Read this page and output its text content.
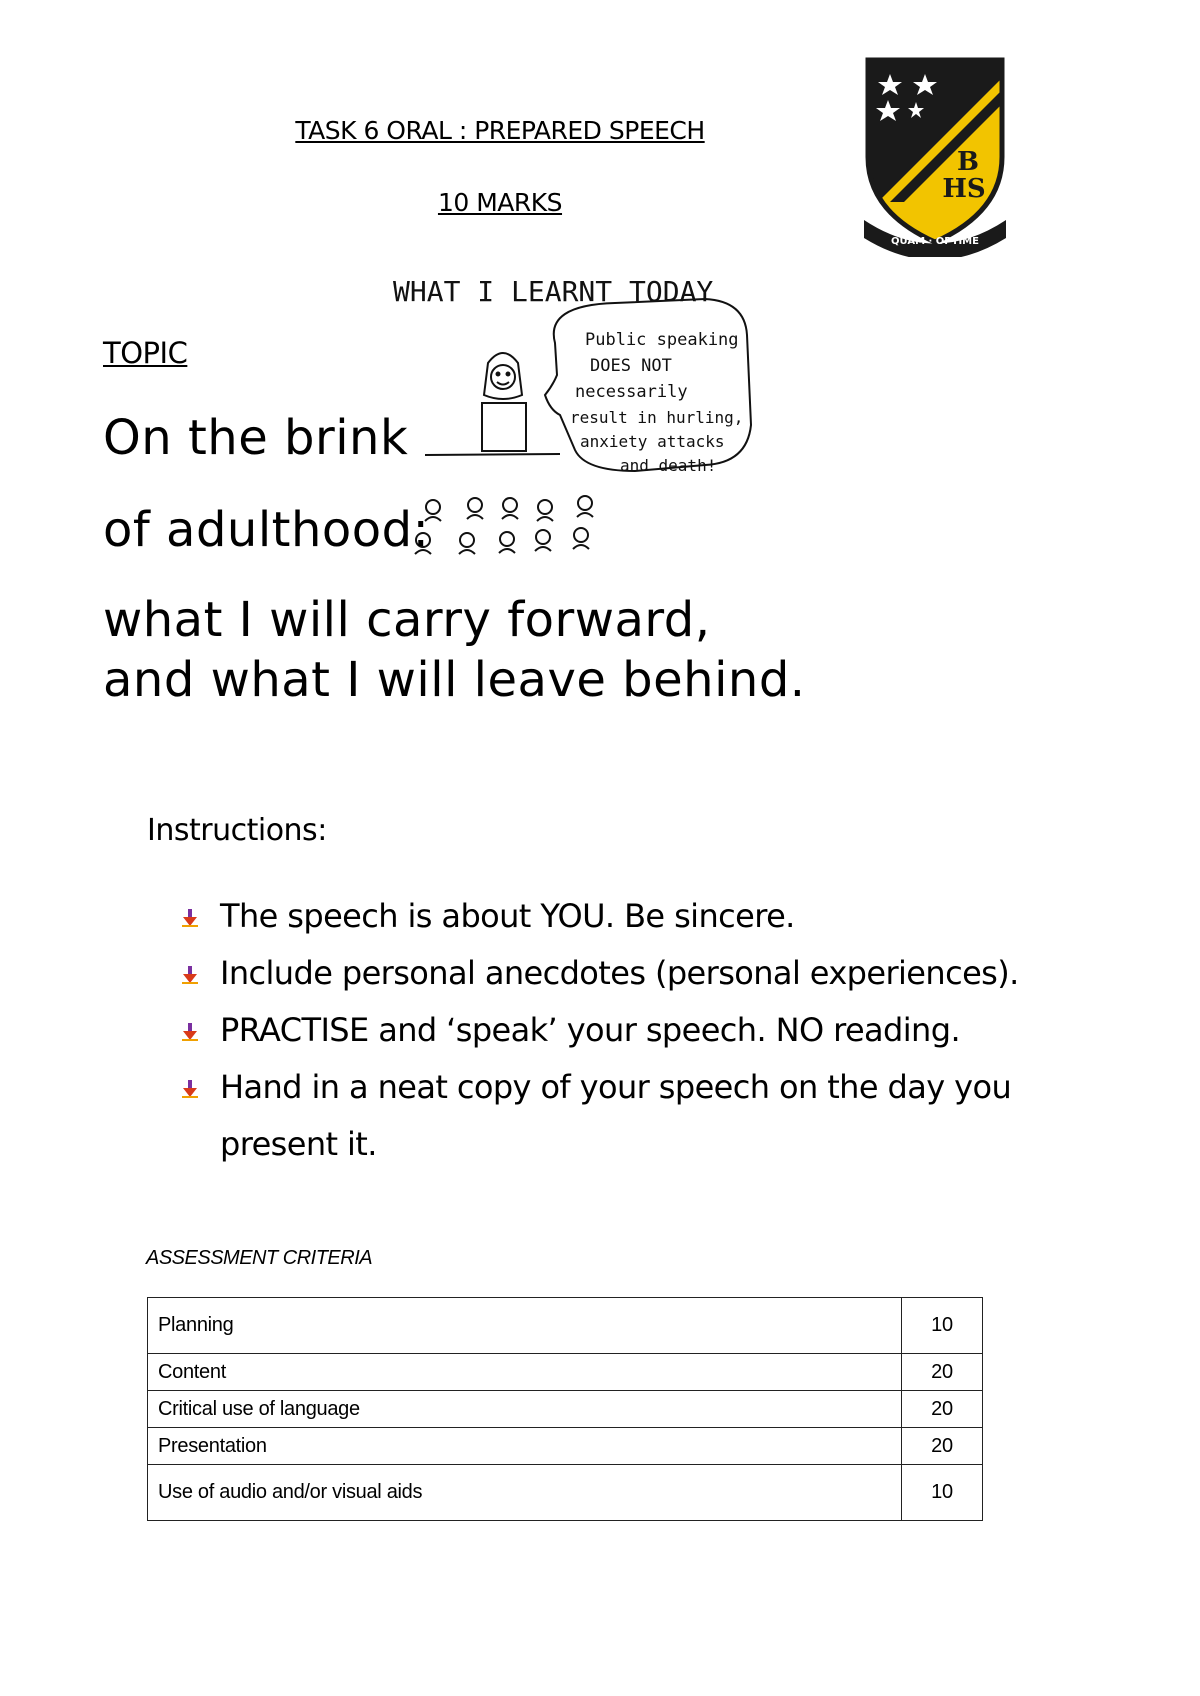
TASK 6 ORAL : PREPARED SPEECH
10 MARKS
B
HS
QUAM · OPTIME
WHAT I LEARNT TODAY
Public speaking
DOES NOT
necessarily
result in hurling,
anxiety attacks
and death!
TOPIC
On the brink
of adulthood:
what I will carry forward,
and what I will leave behind.
Instructions:
The speech is about YOU. Be sincere.
Include personal anecdotes (personal experiences).
PRACTISE and ‘speak’ your speech. NO reading.
Hand in a neat copy of your speech on the day you present it.
ASSESSMENT CRITERIA
Planning	10
Content	20
Critical use of language	20
Presentation	20
Use of audio and/or visual aids	10
